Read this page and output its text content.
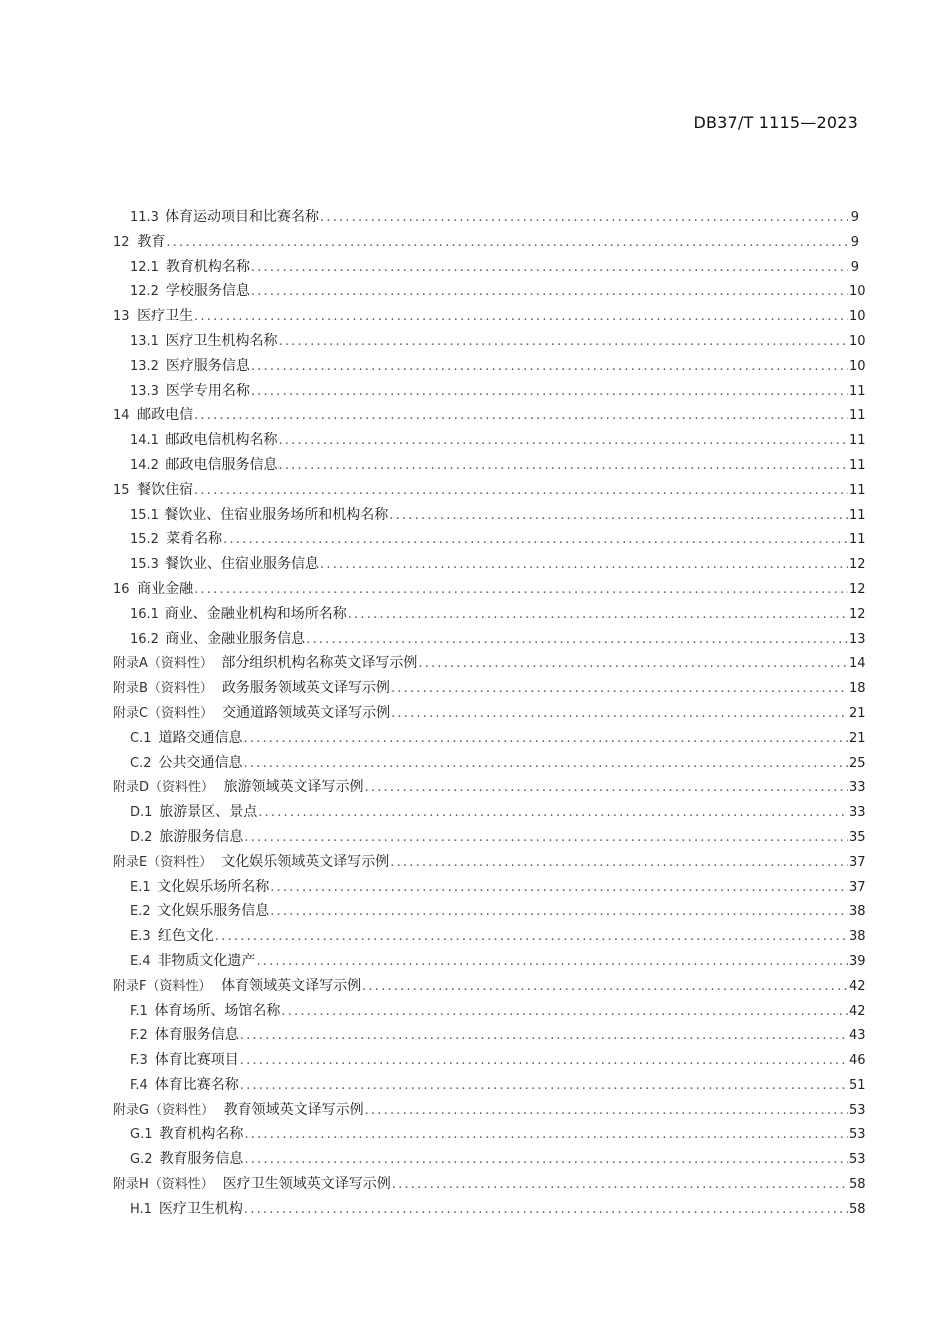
DB37/T 1115—2023
11.3 体育运动项目和比赛名称 .....	9
12 教育 .....	9
12.1 教育机构名称 .....	9
12.2 学校服务信息 .....	10
13 医疗卫生 .....	10
13.1 医疗卫生机构名称 .....	10
13.2 医疗服务信息 .....	10
13.3 医学专用名称 .....	11
14 邮政电信 .....	11
14.1 邮政电信机构名称 .....	11
14.2 邮政电信服务信息 .....	11
15 餐饮住宿 .....	11
15.1 餐饮业、住宿业服务场所和机构名称 .....	11
15.2 菜肴名称 .....	11
15.3 餐饮业、住宿业服务信息 .....	12
16 商业金融 .....	12
16.1 商业、金融业机构和场所名称 .....	12
16.2 商业、金融业服务信息 .....	13
附录A（资料性） 部分组织机构名称英文译写示例 .....	14
附录B（资料性） 政务服务领域英文译写示例 .....	18
附录C（资料性） 交通道路领域英文译写示例 .....	21
C.1 道路交通信息 .....	21
C.2 公共交通信息 .....	25
附录D（资料性） 旅游领域英文译写示例 .....	33
D.1 旅游景区、景点 .....	33
D.2 旅游服务信息 .....	35
附录E（资料性） 文化娱乐领域英文译写示例 .....	37
E.1 文化娱乐场所名称 .....	37
E.2 文化娱乐服务信息 .....	38
E.3 红色文化 .....	38
E.4 非物质文化遗产 .....	39
附录F（资料性） 体育领域英文译写示例 .....	42
F.1 体育场所、场馆名称 .....	42
F.2 体育服务信息 .....	43
F.3 体育比赛项目 .....	46
F.4 体育比赛名称 .....	51
附录G（资料性） 教育领域英文译写示例 .....	53
G.1 教育机构名称 .....	53
G.2 教育服务信息 .....	53
附录H（资料性） 医疗卫生领域英文译写示例 .....	58
H.1 医疗卫生机构 .....	58
